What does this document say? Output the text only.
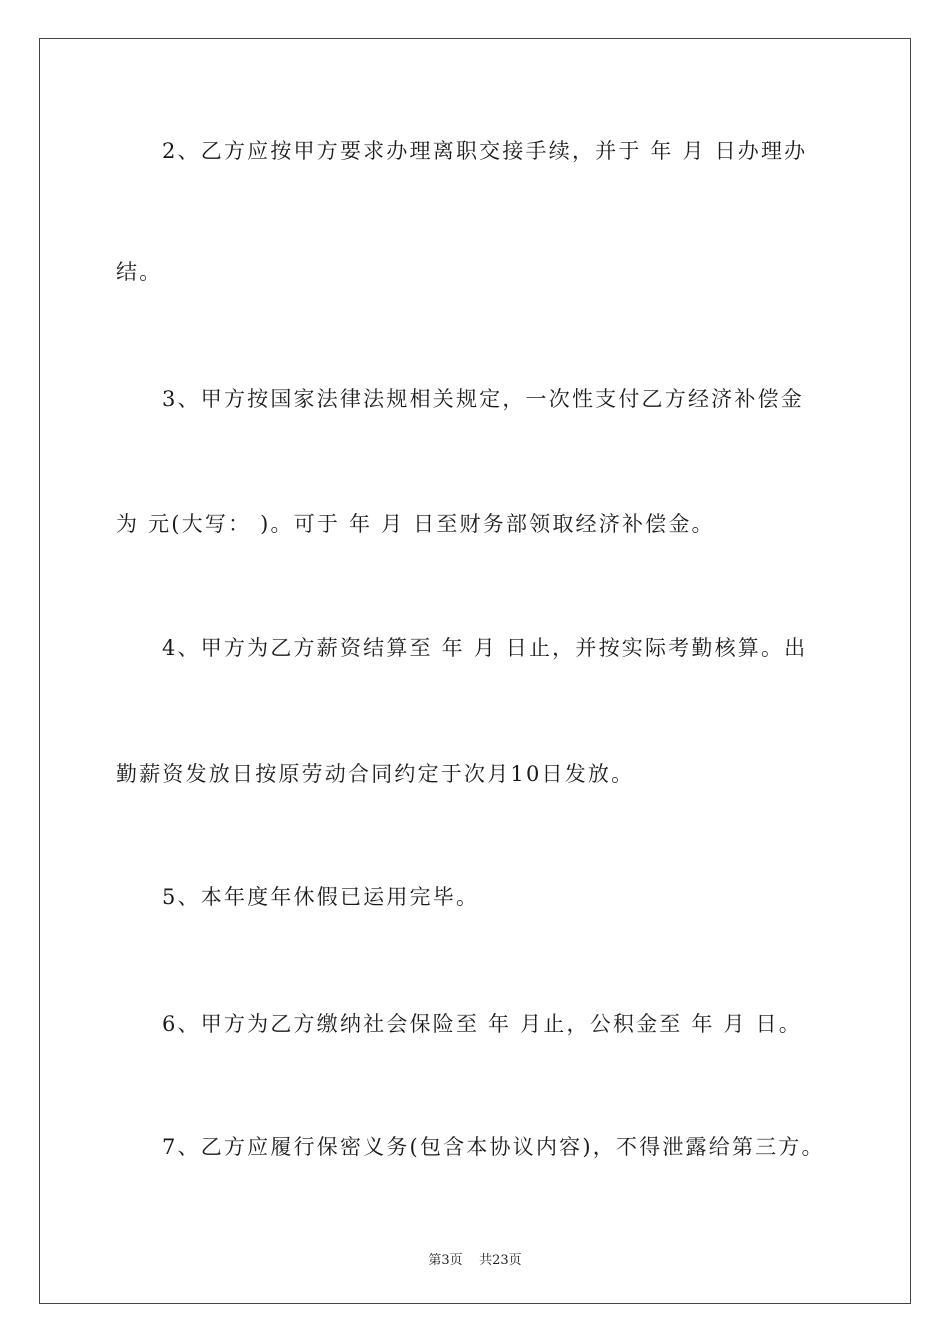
2、乙方应按甲方要求办理离职交接手续，并于 年 月 日办理办
结。
3、甲方按国家法律法规相关规定，一次性支付乙方经济补偿金
为 元(大写： )。可于 年 月 日至财务部领取经济补偿金。
4、甲方为乙方薪资结算至 年 月 日止，并按实际考勤核算。出
勤薪资发放日按原劳动合同约定于次月10日发放。
5、本年度年休假已运用完毕。
6、甲方为乙方缴纳社会保险至 年 月止，公积金至 年 月 日。
7、乙方应履行保密义务(包含本协议内容)，不得泄露给第三方。
第3页    共23页
